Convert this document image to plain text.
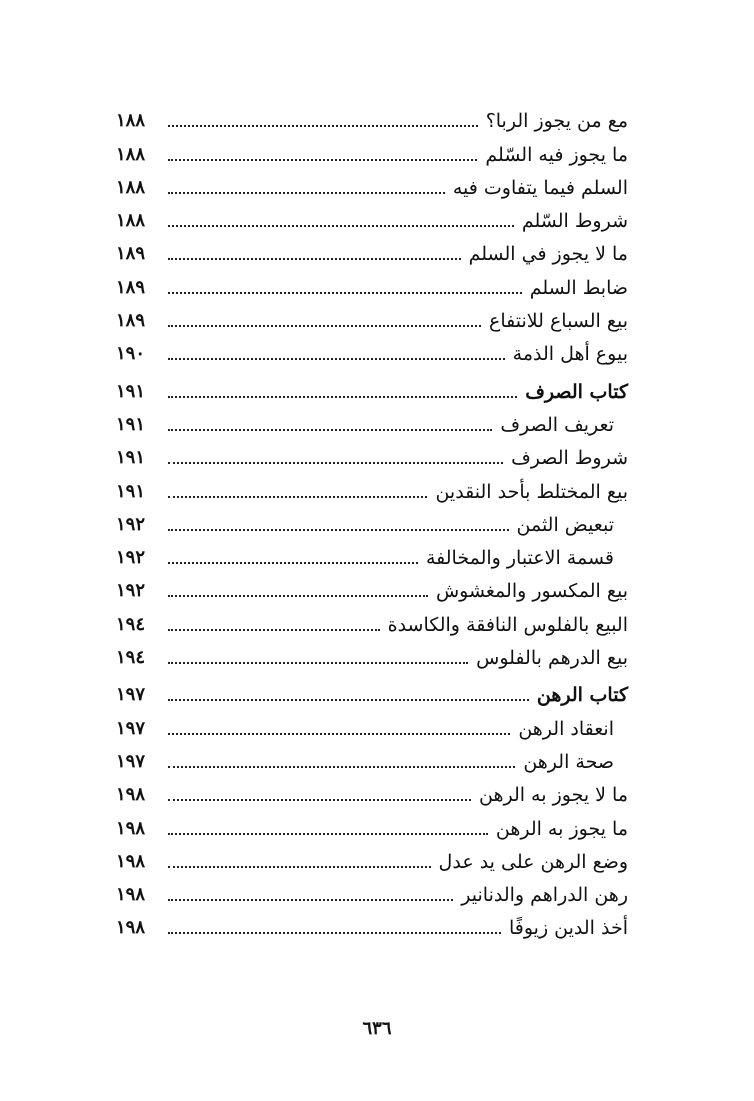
مع من يجوز الربا؟
١٨٨
ما يجوز فيه السّلم
١٨٨
السلم فيما يتفاوت فيه
١٨٨
شروط السّلم
١٨٨
ما لا يجوز في السلم
١٨٩
ضابط السلم
١٨٩
بيع السباع للانتفاع
١٨٩
بيوع أهل الذمة
١٩٠
كتاب الصرف
١٩١
تعريف الصرف
١٩١
شروط الصرف
١٩١
بيع المختلط بأحد النقدين
١٩١
تبعيض الثمن
١٩٢
قسمة الاعتبار والمخالفة
١٩٢
بيع المكسور والمغشوش
١٩٢
البيع بالفلوس النافقة والكاسدة
١٩٤
بيع الدرهم بالفلوس
١٩٤
كتاب الرهن
١٩٧
انعقاد الرهن
١٩٧
صحة الرهن
١٩٧
ما لا يجوز به الرهن
١٩٨
ما يجوز به الرهن
١٩٨
وضع الرهن على يد عدل
١٩٨
رهن الدراهم والدنانير
١٩٨
أخذ الدين زيوفًا
١٩٨
٦٣٦
